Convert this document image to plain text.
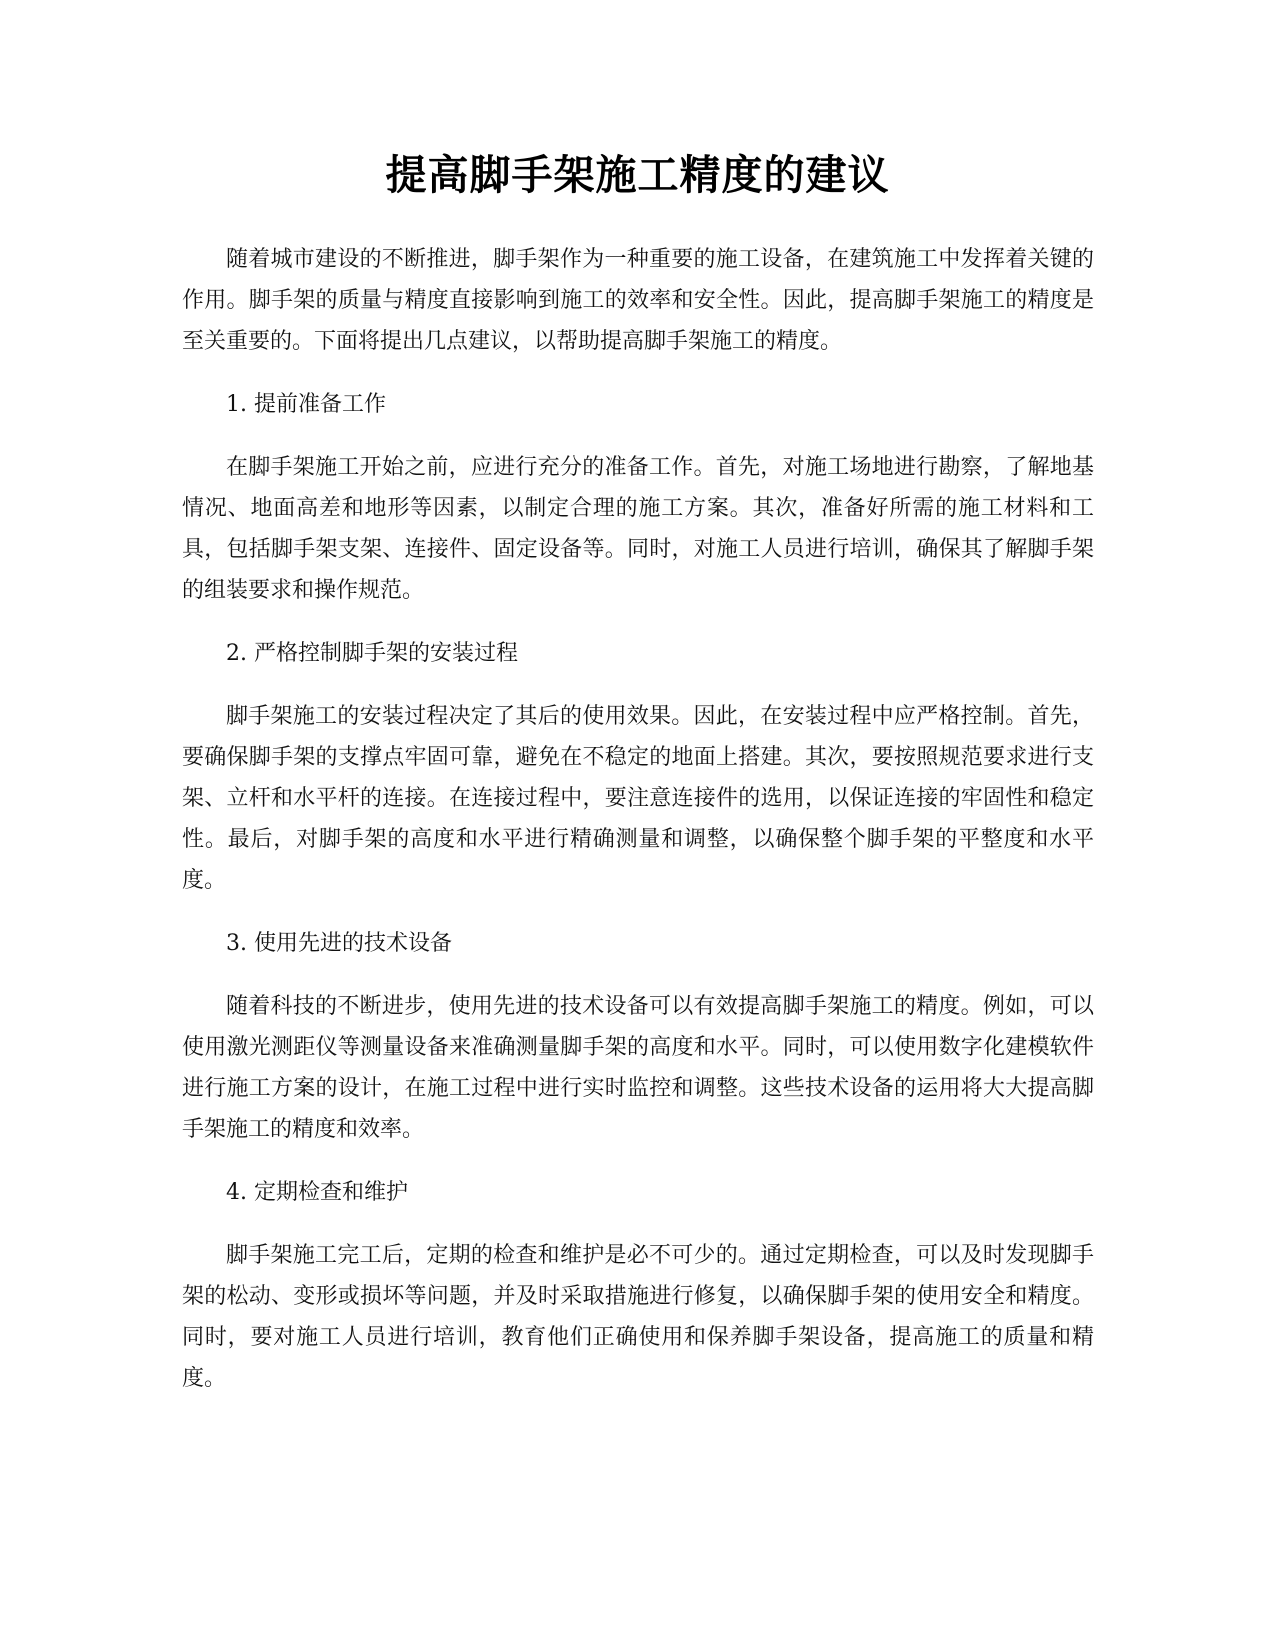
提高脚手架施工精度的建议

随着城市建设的不断推进，脚手架作为一种重要的施工设备，在建筑施工中发挥着关键的作用。脚手架的质量与精度直接影响到施工的效率和安全性。因此，提高脚手架施工的精度是至关重要的。下面将提出几点建议，以帮助提高脚手架施工的精度。

1. 提前准备工作

在脚手架施工开始之前，应进行充分的准备工作。首先，对施工场地进行勘察，了解地基情况、地面高差和地形等因素，以制定合理的施工方案。其次，准备好所需的施工材料和工具，包括脚手架支架、连接件、固定设备等。同时，对施工人员进行培训，确保其了解脚手架的组装要求和操作规范。

2. 严格控制脚手架的安装过程

脚手架施工的安装过程决定了其后的使用效果。因此，在安装过程中应严格控制。首先，要确保脚手架的支撑点牢固可靠，避免在不稳定的地面上搭建。其次，要按照规范要求进行支架、立杆和水平杆的连接。在连接过程中，要注意连接件的选用，以保证连接的牢固性和稳定性。最后，对脚手架的高度和水平进行精确测量和调整，以确保整个脚手架的平整度和水平度。

3. 使用先进的技术设备

随着科技的不断进步，使用先进的技术设备可以有效提高脚手架施工的精度。例如，可以使用激光测距仪等测量设备来准确测量脚手架的高度和水平。同时，可以使用数字化建模软件进行施工方案的设计，在施工过程中进行实时监控和调整。这些技术设备的运用将大大提高脚手架施工的精度和效率。

4. 定期检查和维护

脚手架施工完工后，定期的检查和维护是必不可少的。通过定期检查，可以及时发现脚手架的松动、变形或损坏等问题，并及时采取措施进行修复，以确保脚手架的使用安全和精度。同时，要对施工人员进行培训，教育他们正确使用和保养脚手架设备，提高施工的质量和精度。
